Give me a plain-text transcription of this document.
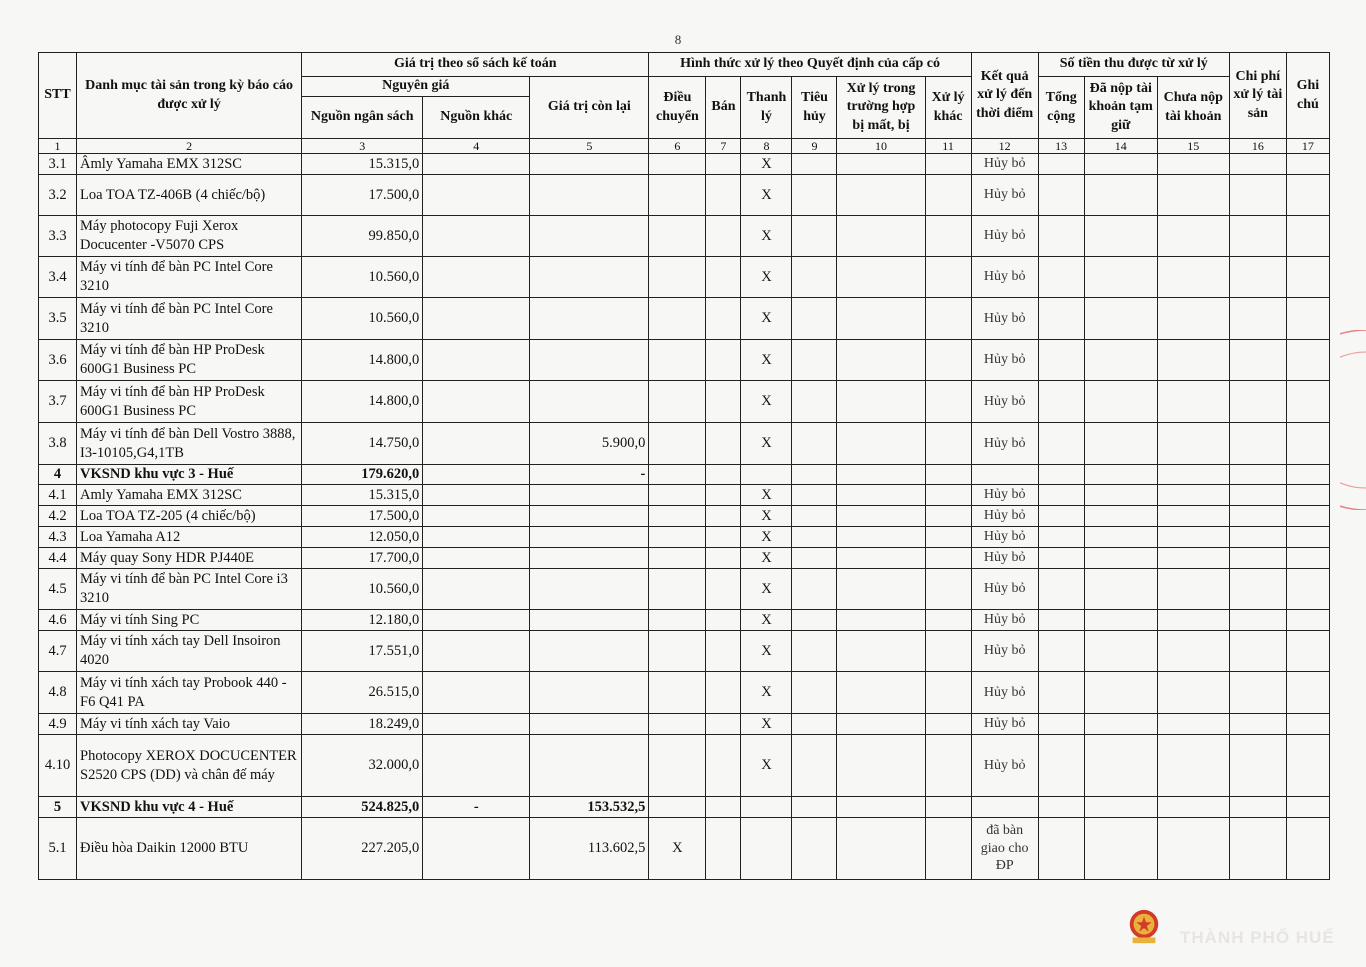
8
STT	Danh mục tài sản trong kỳ báo cáo được xử lý	Giá trị theo sổ sách kế toán			Hình thức xử lý theo Quyết định của cấp có						Kết quả xử lý đến thời điểm	Số tiền thu được từ xử lý			Chi phí xử lý tài sản	Ghi chú
		Nguyên giá		Giá trị còn lại	Điều chuyển	Bán	Thanh lý	Tiêu hủy	Xử lý trong trường hợp bị mất, bị	Xử lý khác		Tổng cộng	Đã nộp tài khoản tạm giữ	Chưa nộp tài khoản		
		Nguồn ngân sách	Nguồn khác													
1	2	3	4	5	6	7	8	9	10	11	12	13	14	15	16	17
3.1	Âmly Yamaha EMX 312SC	15.315,0					X				Hủy bỏ					
3.2	Loa TOA TZ-406B (4 chiếc/bộ)	17.500,0					X				Hủy bỏ					
3.3	Máy photocopy Fuji Xerox Docucenter -V5070 CPS	99.850,0					X				Hủy bỏ					
3.4	Máy vi tính để bàn PC Intel Core 3210	10.560,0					X				Hủy bỏ					
3.5	Máy vi tính để bàn PC Intel Core 3210	10.560,0					X				Hủy bỏ					
3.6	Máy vi tính để bàn HP ProDesk 600G1 Business PC	14.800,0					X				Hủy bỏ					
3.7	Máy vi tính để bàn HP ProDesk 600G1 Business PC	14.800,0					X				Hủy bỏ					
3.8	Máy vi tính để bàn Dell Vostro 3888, I3-10105,G4,1TB	14.750,0		5.900,0			X				Hủy bỏ					
4	VKSND khu vực 3 - Huế	179.620,0		-												
4.1	Amly Yamaha EMX 312SC	15.315,0					X				Hủy bỏ					
4.2	Loa TOA TZ-205 (4 chiếc/bộ)	17.500,0					X				Hủy bỏ					
4.3	Loa Yamaha A12	12.050,0					X				Hủy bỏ					
4.4	Máy quay Sony HDR PJ440E	17.700,0					X				Hủy bỏ					
4.5	Máy vi tính để bàn PC Intel Core i3 3210	10.560,0					X				Hủy bỏ					
4.6	Máy vi tính Sing PC	12.180,0					X				Hủy bỏ					
4.7	Máy vi tính xách tay Dell Insoiron 4020	17.551,0					X				Hủy bỏ					
4.8	Máy vi tính xách tay Probook 440 - F6 Q41 PA	26.515,0					X				Hủy bỏ					
4.9	Máy vi tính xách tay Vaio	18.249,0					X				Hủy bỏ					
4.10	Photocopy XEROX DOCUCENTER S2520 CPS (DD) và chân đế máy	32.000,0					X				Hủy bỏ					
5	VKSND khu vực 4 - Huế	524.825,0	-	153.532,5												
5.1	Điều hòa Daikin 12000 BTU	227.205,0		113.602,5	X						đã bàn giao cho ĐP					
THÀNH PHỐ HUẾ
